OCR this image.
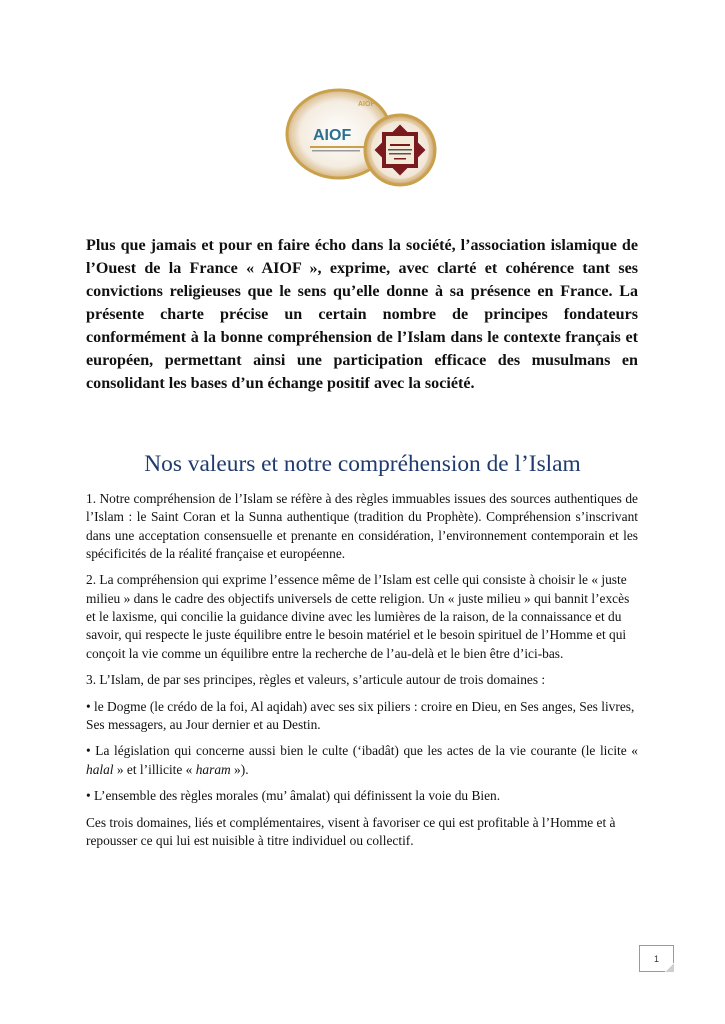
AIOF
AIOF

Plus que jamais et pour en faire écho dans la société, l’association islamique de l’Ouest de la France « AIOF », exprime, avec clarté et cohérence tant ses convictions religieuses que le sens qu’elle donne à sa présence en France. La présente charte précise un certain nombre de principes fondateurs conformément à la bonne compréhension de l’Islam dans le contexte français et européen, permettant ainsi une participation efficace des musulmans en consolidant les bases d’un échange positif avec la société.

Nos valeurs et notre compréhension de l’Islam

1. Notre compréhension de l’Islam se réfère à des règles immuables issues des sources authentiques de l’Islam : le Saint Coran et la Sunna authentique (tradition du Prophète). Compréhension s’inscrivant dans une acceptation consensuelle et prenante en considération, l’environnement contemporain et les spécificités de la réalité française et européenne.

2. La compréhension qui exprime l’essence même de l’Islam est celle qui consiste à choisir le « juste milieu » dans le cadre des objectifs universels de cette religion. Un « juste milieu » qui bannit l’excès et le laxisme, qui concilie la guidance divine avec les lumières de la raison, de la connaissance et du savoir, qui respecte le juste équilibre entre le besoin matériel et le besoin spirituel de l’Homme et qui conçoit la vie comme un équilibre entre la recherche de l’au-delà et le bien être d’ici-bas.

3. L’Islam, de par ses principes, règles et valeurs, s’articule autour de trois domaines :

• le Dogme (le crédo de la foi, Al aqidah) avec ses six piliers : croire en Dieu, en Ses anges, Ses livres, Ses messagers, au Jour dernier et au Destin.

• La législation qui concerne aussi bien le culte (‘ibadât) que les actes de la vie courante (le licite « halal » et l’illicite « haram »).

• L’ensemble des règles morales (mu’ âmalat) qui définissent la voie du Bien.

Ces trois domaines, liés et complémentaires, visent à favoriser ce qui est profitable à l’Homme et à repousser ce qui lui est nuisible à titre individuel ou collectif.

1
